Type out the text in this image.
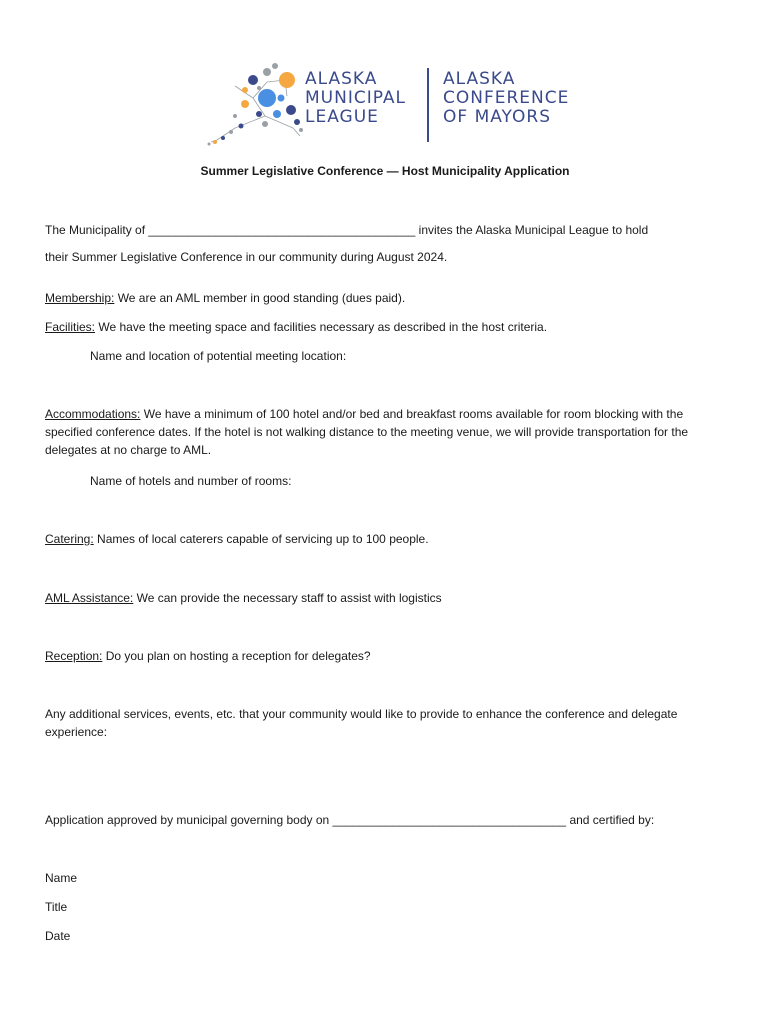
ALASKA
MUNICIPAL
LEAGUE
ALASKA
CONFERENCE
OF MAYORS
Summer Legislative Conference — Host Municipality Application
The Municipality of ________________________________________ invites the Alaska Municipal League to hold
their Summer Legislative Conference in our community during August 2024.
Membership: We are an AML member in good standing (dues paid).
Facilities: We have the meeting space and facilities necessary as described in the host criteria.
Name and location of potential meeting location:
Accommodations: We have a minimum of 100 hotel and/or bed and breakfast rooms available for room blocking with the specified conference dates. If the hotel is not walking distance to the meeting venue, we will provide transportation for the delegates at no charge to AML.
Name of hotels and number of rooms:
Catering: Names of local caterers capable of servicing up to 100 people.
AML Assistance: We can provide the necessary staff to assist with logistics
Reception: Do you plan on hosting a reception for delegates?
Any additional services, events, etc. that your community would like to provide to enhance the conference and delegate experience:
Application approved by municipal governing body on ___________________________________ and certified by:
Name
Title
Date
